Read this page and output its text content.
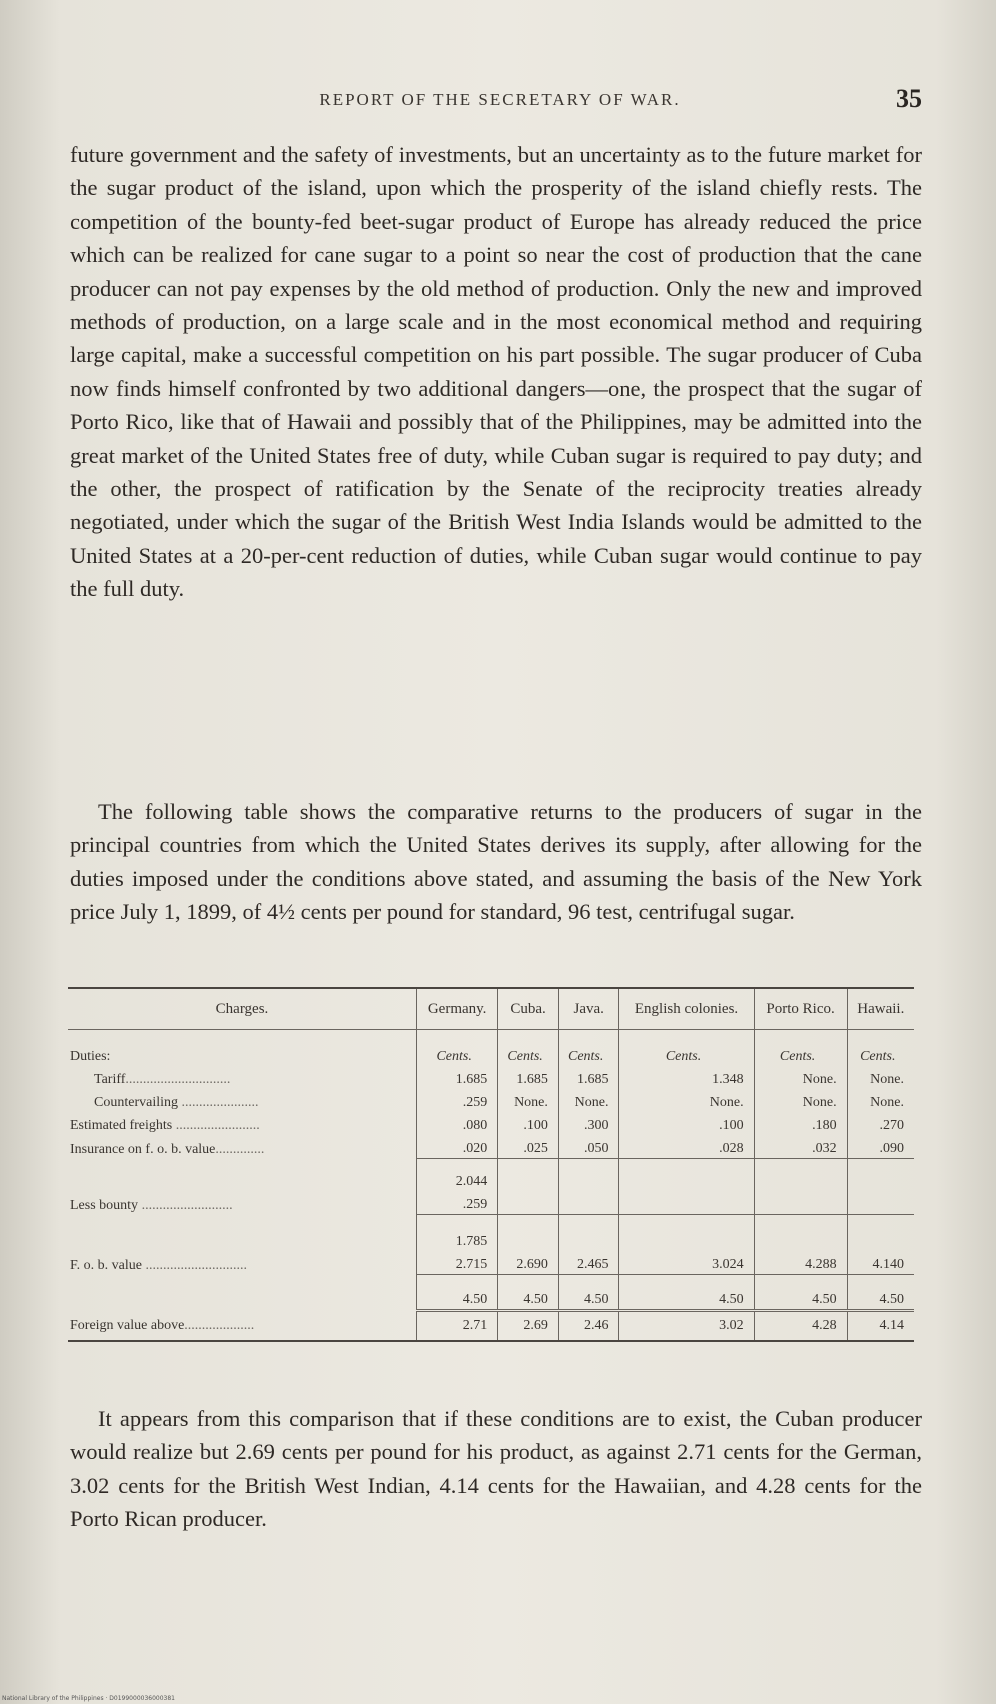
REPORT OF THE SECRETARY OF WAR.	35

future government and the safety of investments, but an uncertainty as to the future market for the sugar product of the island, upon which the prosperity of the island chiefly rests. The competition of the bounty-fed beet-sugar product of Europe has already reduced the price which can be realized for cane sugar to a point so near the cost of production that the cane producer can not pay expenses by the old method of production. Only the new and improved methods of production, on a large scale and in the most economical method and requiring large capital, make a successful competition on his part possible. The sugar producer of Cuba now finds himself confronted by two additional dangers—one, the prospect that the sugar of Porto Rico, like that of Hawaii and possibly that of the Philippines, may be admitted into the great market of the United States free of duty, while Cuban sugar is required to pay duty; and the other, the prospect of ratification by the Senate of the reciprocity treaties already negotiated, under which the sugar of the British West India Islands would be admitted to the United States at a 20-per-cent reduction of duties, while Cuban sugar would continue to pay the full duty.

The following table shows the comparative returns to the producers of sugar in the principal countries from which the United States derives its supply, after allowing for the duties imposed under the conditions above stated, and assuming the basis of the New York price July 1, 1899, of 4½ cents per pound for standard, 96 test, centrifugal sugar.

Charges.	Germany.	Cuba.	Java.	English colonies.	Porto Rico.	Hawaii.
Duties:	Cents.	Cents.	Cents.	Cents.	Cents.	Cents.
Tariff..............................	1.685	1.685	1.685	1.348	None.	None.
Countervailing ......................	.259	None.	None.	None.	None.	None.
Estimated freights ........................	.080	.100	.300	.100	.180	.270
Insurance on f. o. b. value..............	.020	.025	.050	.028	.032	.090
	2.044					
Less bounty ..........................	.259					
	1.785					
F. o. b. value .............................	2.715	2.690	2.465	3.024	4.288	4.140
	4.50	4.50	4.50	4.50	4.50	4.50
Foreign value above....................	2.71	2.69	2.46	3.02	4.28	4.14

It appears from this comparison that if these conditions are to exist, the Cuban producer would realize but 2.69 cents per pound for his product, as against 2.71 cents for the German, 3.02 cents for the British West Indian, 4.14 cents for the Hawaiian, and 4.28 cents for the Porto Rican producer.

National Library of the Philippines · D0199000036000381
